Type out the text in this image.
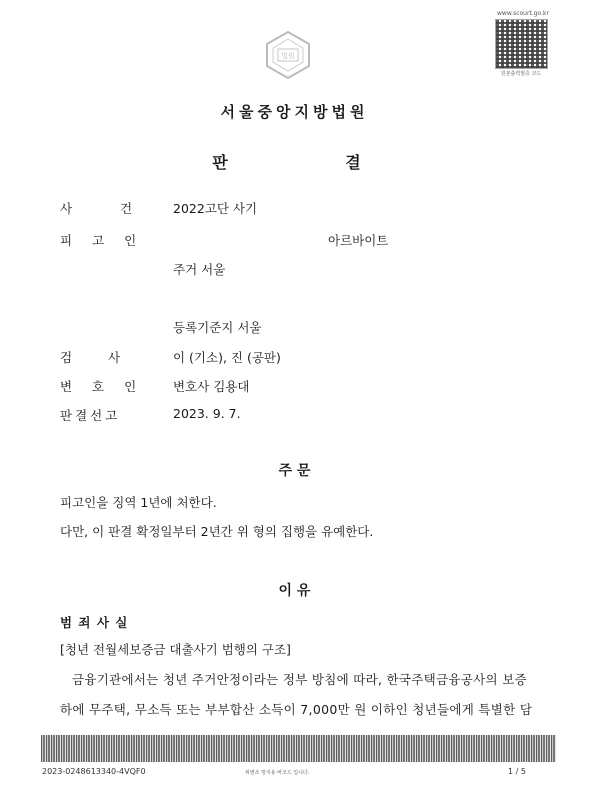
www.scourt.go.kr
원본출력필증 코드
법원
서울중앙지방법원
판 결
사 건 2022고단 사기
피 고 인	아르바이트
주거 서울
등록기준지 서울
검 사	이 (기소), 진 (공판)
변 호 인 변호사 김용대
판결선고	2023. 9. 7.
주 문
피고인을 징역 1년에 처한다.
다만, 이 판결 확정일부터 2년간 위 형의 집행을 유예한다.
이 유
범 죄 사 실
[청년 전월세보증금 대출사기 범행의 구조]
금융기관에서는 청년 주거안정이라는 정부 방침에 따라, 한국주택금융공사의 보증
하에 무주택, 무소득 또는 부부합산 소득이 7,000만 원 이하인 청년들에게 특별한 담
2023-0248613340-4VQF0	위변조 방지용 바코드 입니다.	1 / 5
